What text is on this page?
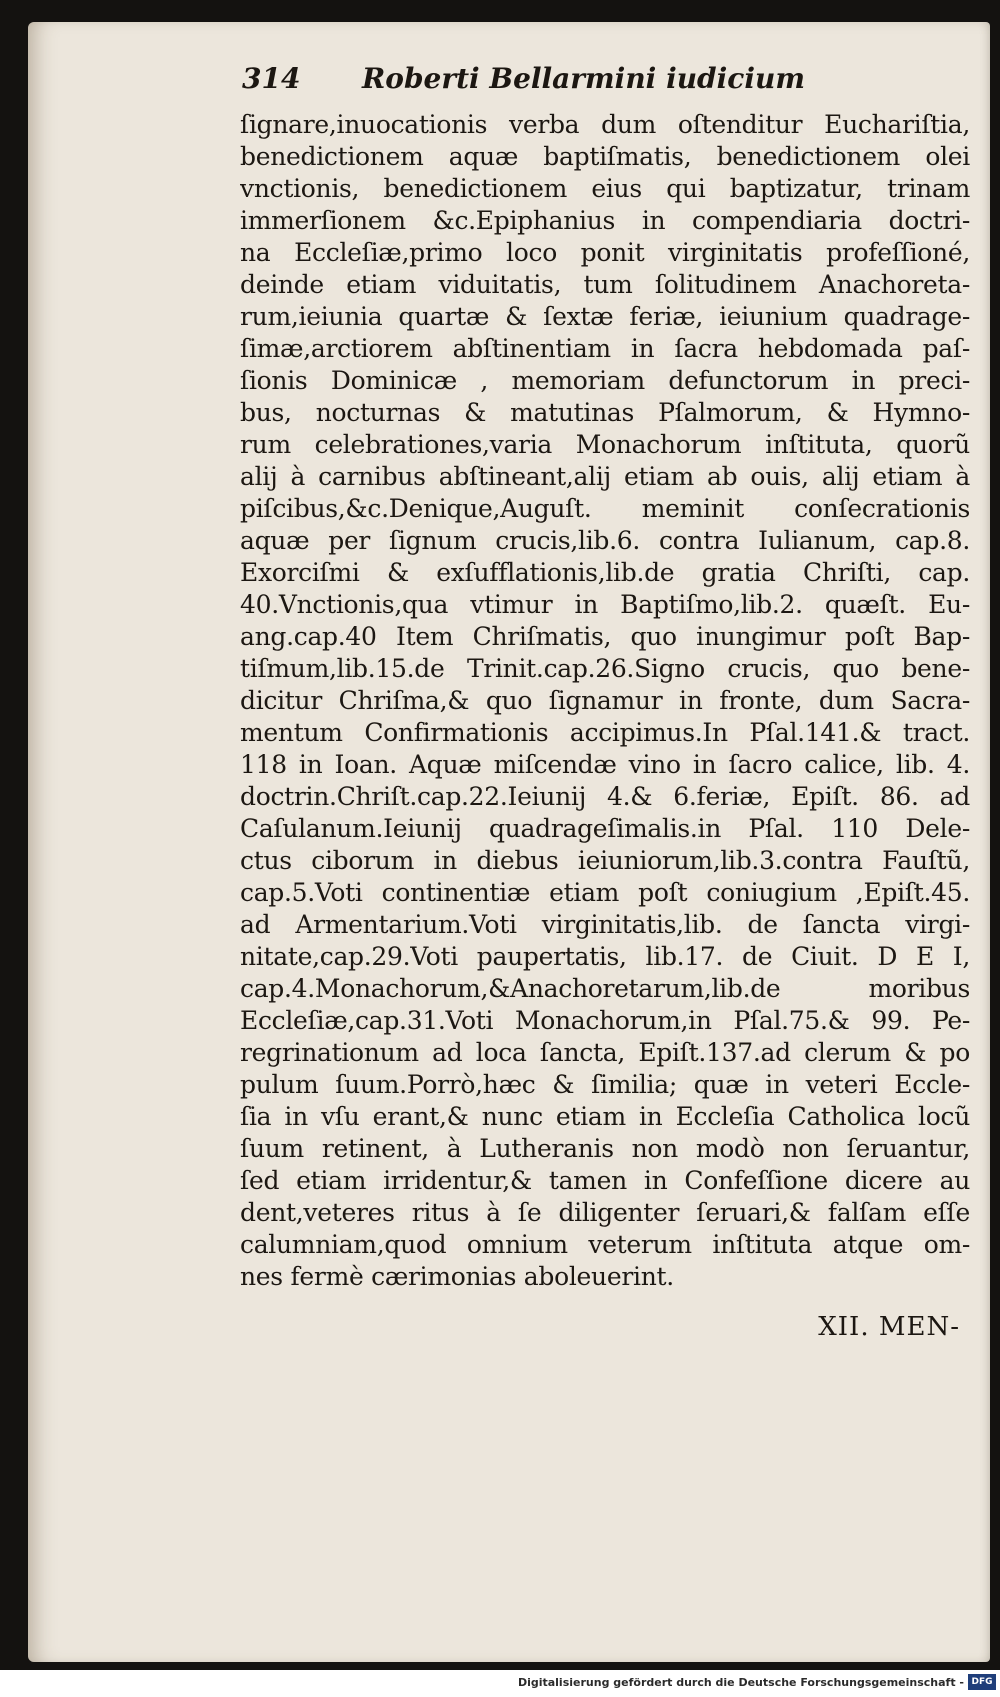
314 Roberti Bellarmini iudicium
ſignare,inuocationis verba dum oſtenditur Euchariſtia,
benedictionem aquæ baptiſmatis, benedictionem olei
vnctionis, benedictionem eius qui baptizatur, trinam
immerſionem &c.Epiphanius in compendiaria doctri-
na Eccleſiæ,primo loco ponit virginitatis profeſſioné,
deinde etiam viduitatis, tum ſolitudinem Anachoreta-
rum,ieiunia quartæ & ſextæ feriæ, ieiunium quadrage-
ſimæ,arctiorem abſtinentiam in ſacra hebdomada paſ-
ſionis Dominicæ , memoriam defunctorum in preci-
bus, nocturnas & matutinas Pſalmorum, & Hymno-
rum celebrationes,varia Monachorum inſtituta, quorũ
alij à carnibus abſtineant,alij etiam ab ouis, alij etiam à
piſcibus,&c.Denique,Auguſt. meminit conſecrationis
aquæ per ſignum crucis,lib.6. contra Iulianum, cap.8.
Exorciſmi & exſufflationis,lib.de gratia Chriſti, cap.
40.Vnctionis,qua vtimur in Baptiſmo,lib.2. quæſt. Eu-
ang.cap.40 Item Chriſmatis, quo inungimur poſt Bap-
tiſmum,lib.15.de Trinit.cap.26.Signo crucis, quo bene-
dicitur Chriſma,& quo ſignamur in fronte, dum Sacra-
mentum Confirmationis accipimus.In Pſal.141.& tract.
118 in Ioan. Aquæ miſcendæ vino in ſacro calice, lib. 4.
doctrin.Chriſt.cap.22.Ieiunij 4.& 6.feriæ, Epiſt. 86. ad
Caſulanum.Ieiunij quadrageſimalis.in Pſal. 110 Dele-
ctus ciborum in diebus ieiuniorum,lib.3.contra Fauſtũ,
cap.5.Voti continentiæ etiam poſt coniugium ,Epiſt.45.
ad Armentarium.Voti virginitatis,lib. de ſancta virgi-
nitate,cap.29.Voti paupertatis, lib.17. de Ciuit. D E I,
cap.4.Monachorum,&Anachoretarum,lib.de moribus
Eccleſiæ,cap.31.Voti Monachorum,in Pſal.75.& 99. Pe-
regrinationum ad loca ſancta, Epiſt.137.ad clerum & po
pulum ſuum.Porrò,hæc & ſimilia; quæ in veteri Eccle-
ſia in vſu erant,& nunc etiam in Eccleſia Catholica locũ
ſuum retinent, à Lutheranis non modò non ſeruantur,
ſed etiam irridentur,& tamen in Confeſſione dicere au
dent,veteres ritus à ſe diligenter ſeruari,& falſam eſſe
calumniam,quod omnium veterum inſtituta atque om-
nes fermè cærimonias aboleuerint.
XII. MEN-
Digitalisierung gefördert durch die Deutsche Forschungsgemeinschaft - DFG
